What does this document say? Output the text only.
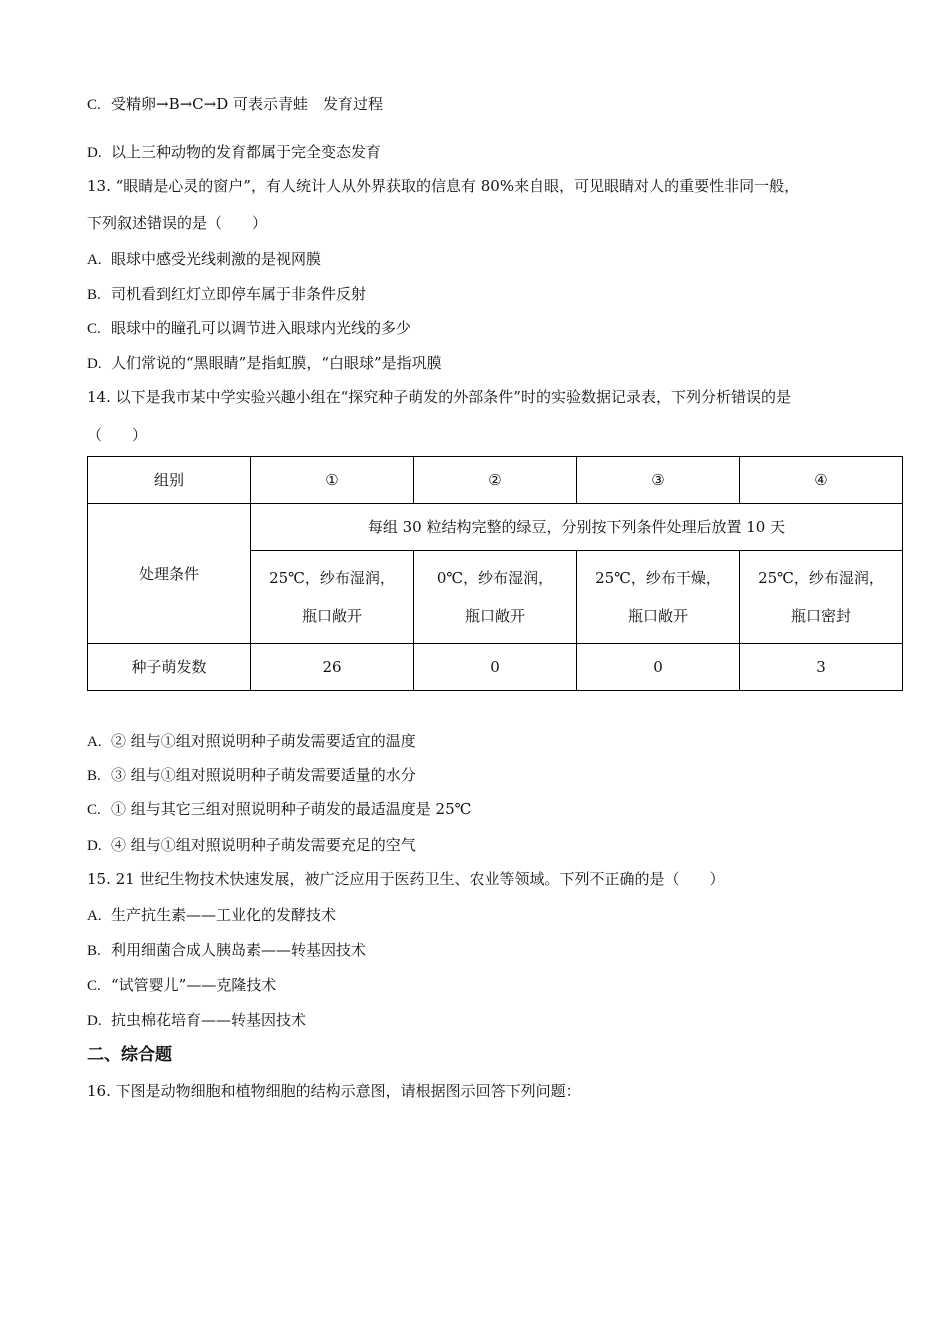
C. 受精卵→B→C→D 可表示青蛙　发育过程
D. 以上三种动物的发育都属于完全变态发育
13. “眼睛是心灵的窗户”，有人统计人从外界获取的信息有 80%来自眼，可见眼睛对人的重要性非同一般，
下列叙述错误的是（　　）
A. 眼球中感受光线刺激的是视网膜
B. 司机看到红灯立即停车属于非条件反射
C. 眼球中的瞳孔可以调节进入眼球内光线的多少
D. 人们常说的“黑眼睛”是指虹膜，“白眼球”是指巩膜
14. 以下是我市某中学实验兴趣小组在“探究种子萌发的外部条件”时的实验数据记录表，下列分析错误的是
（　　）
组别	①	②	③	④
处理条件	每组 30 粒结构完整的绿豆，分别按下列条件处理后放置 10 天			

	25℃，纱布湿润，
瓶口敞开	0℃，纱布湿润，
瓶口敞开	25℃，纱布干燥，
瓶口敞开	25℃，纱布湿润，
瓶口密封

种子萌发数	26	0	0	3
A. ② 组与①组对照说明种子萌发需要适宜的温度
B. ③ 组与①组对照说明种子萌发需要适量的水分
C. ① 组与其它三组对照说明种子萌发的最适温度是 25℃
D. ④ 组与①组对照说明种子萌发需要充足的空气
15. 21 世纪生物技术快速发展，被广泛应用于医药卫生、农业等领域。下列不正确的是（　　）
A. 生产抗生素——工业化的发酵技术
B. 利用细菌合成人胰岛素——转基因技术
C. “试管婴儿”——克隆技术
D. 抗虫棉花培育——转基因技术
二、综合题
16. 下图是动物细胞和植物细胞的结构示意图，请根据图示回答下列问题：
